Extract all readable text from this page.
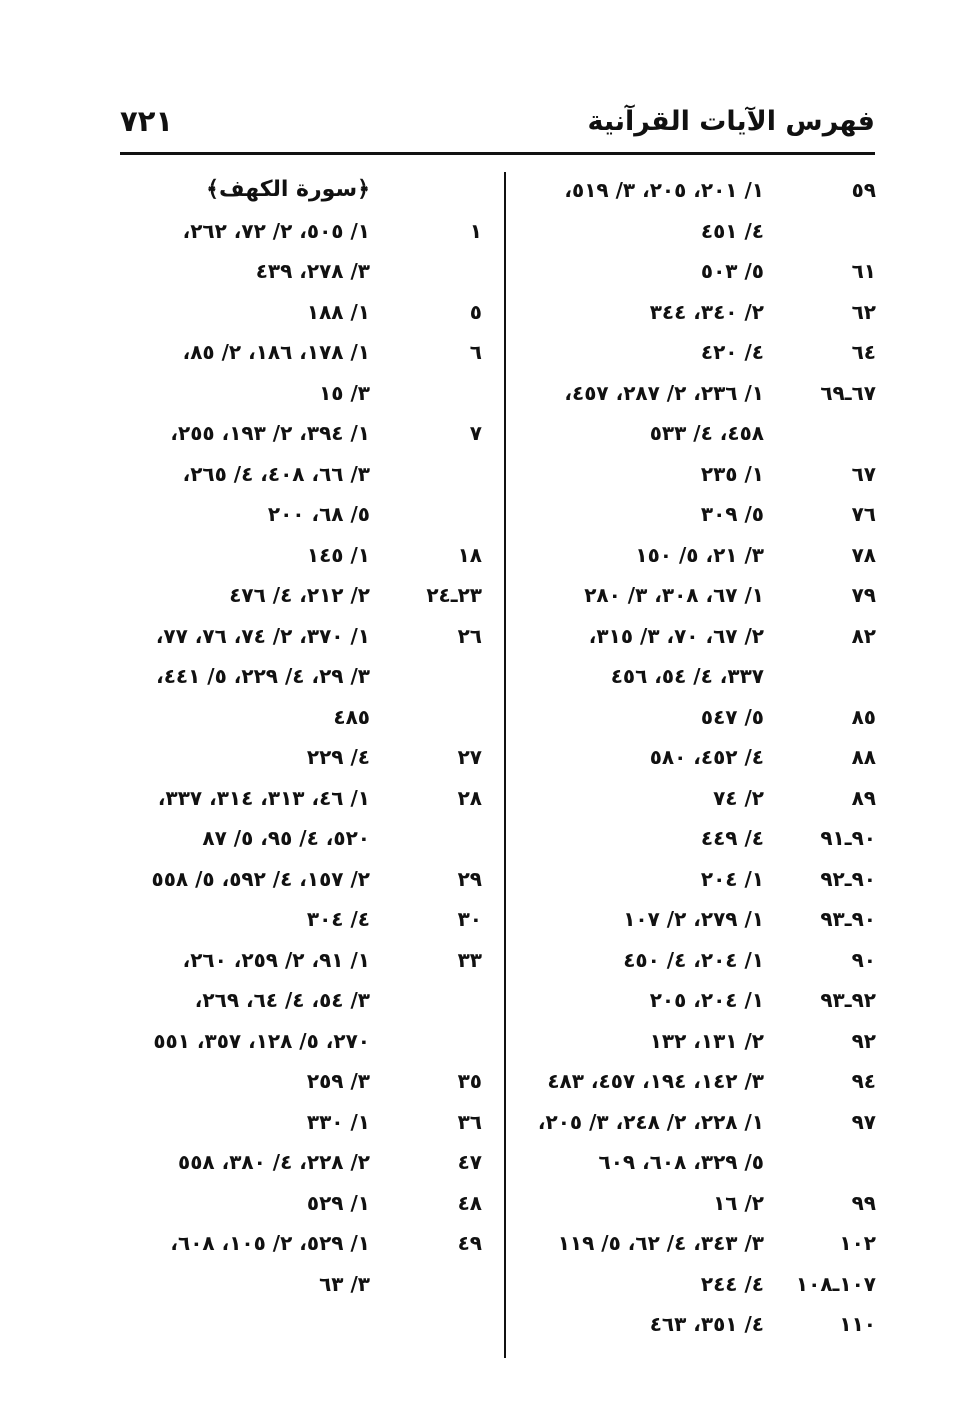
فهرس الآيات القرآنية
٧٢١
٥٩
١/ ٢٠١، ٢٠٥، ٣/ ٥١٩،
٤/ ٤٥١
٦١
٥/ ٥٠٣
٦٢
٢/ ٣٤٠، ٣٤٤
٦٤
٤/ ٤٢٠
٦٧ـ٦٩
١/ ٢٣٦، ٢/ ٢٨٧، ٤٥٧،
٤٥٨، ٤/ ٥٣٣
٦٧
١/ ٢٣٥
٧٦
٥/ ٣٠٩
٧٨
٣/ ٢١، ٥/ ١٥٠
٧٩
١/ ٦٧، ٣٠٨، ٣/ ٢٨٠
٨٢
٢/ ٦٧، ٧٠، ٣/ ٣١٥،
٣٣٧، ٤/ ٥٤، ٤٥٦
٨٥
٥/ ٥٤٧
٨٨
٤/ ٤٥٢، ٥٨٠
٨٩
٢/ ٧٤
٩٠ـ٩١
٤/ ٤٤٩
٩٠ـ٩٢
١/ ٢٠٤
٩٠ـ٩٣
١/ ٢٧٩، ٢/ ١٠٧
٩٠
١/ ٢٠٤، ٤/ ٤٥٠
٩٢ـ٩٣
١/ ٢٠٤، ٢٠٥
٩٢
٢/ ١٣١، ١٣٢
٩٤
٣/ ١٤٢، ١٩٤، ٤٥٧، ٤٨٣
٩٧
١/ ٢٢٨، ٢/ ٢٤٨، ٣/ ٢٠٥،
٥/ ٣٢٩، ٦٠٨، ٦٠٩
٩٩
٢/ ١٦
١٠٢
٣/ ٣٤٣، ٤/ ٦٢، ٥/ ١١٩
١٠٧ـ١٠٨
٤/ ٢٤٤
١١٠
٤/ ٣٥١، ٤٦٣
﴿سورة الكهف﴾
١
١/ ٥٠٥، ٢/ ٧٢، ٢٦٢،
٣/ ٢٧٨، ٤٣٩
٥
١/ ١٨٨
٦
١/ ١٧٨، ١٨٦، ٢/ ٨٥،
٣/ ١٥
٧
١/ ٣٩٤، ٢/ ١٩٣، ٢٥٥،
٣/ ٦٦، ٤٠٨، ٤/ ٢٦٥،
٥/ ٦٨، ٢٠٠
١٨
١/ ١٤٥
٢٣ـ٢٤
٢/ ٢١٢، ٤/ ٤٧٦
٢٦
١/ ٣٧٠، ٢/ ٧٤، ٧٦، ٧٧،
٣/ ٢٩، ٤/ ٢٢٩، ٥/ ٤٤١،
٤٨٥
٢٧
٤/ ٢٢٩
٢٨
١/ ٤٦، ٣١٣، ٣١٤، ٣٣٧،
٥٢٠، ٤/ ٩٥، ٥/ ٨٧
٢٩
٢/ ١٥٧، ٤/ ٥٩٢، ٥/ ٥٥٨
٣٠
٤/ ٣٠٤
٣٣
١/ ٩١، ٢/ ٢٥٩، ٢٦٠،
٣/ ٥٤، ٤/ ٦٤، ٢٦٩،
٢٧٠، ٥/ ١٢٨، ٣٥٧، ٥٥١
٣٥
٣/ ٢٥٩
٣٦
١/ ٣٣٠
٤٧
٢/ ٢٢٨، ٤/ ٣٨٠، ٥٥٨
٤٨
١/ ٥٢٩
٤٩
١/ ٥٢٩، ٢/ ١٠٥، ٦٠٨،
٣/ ٦٣
